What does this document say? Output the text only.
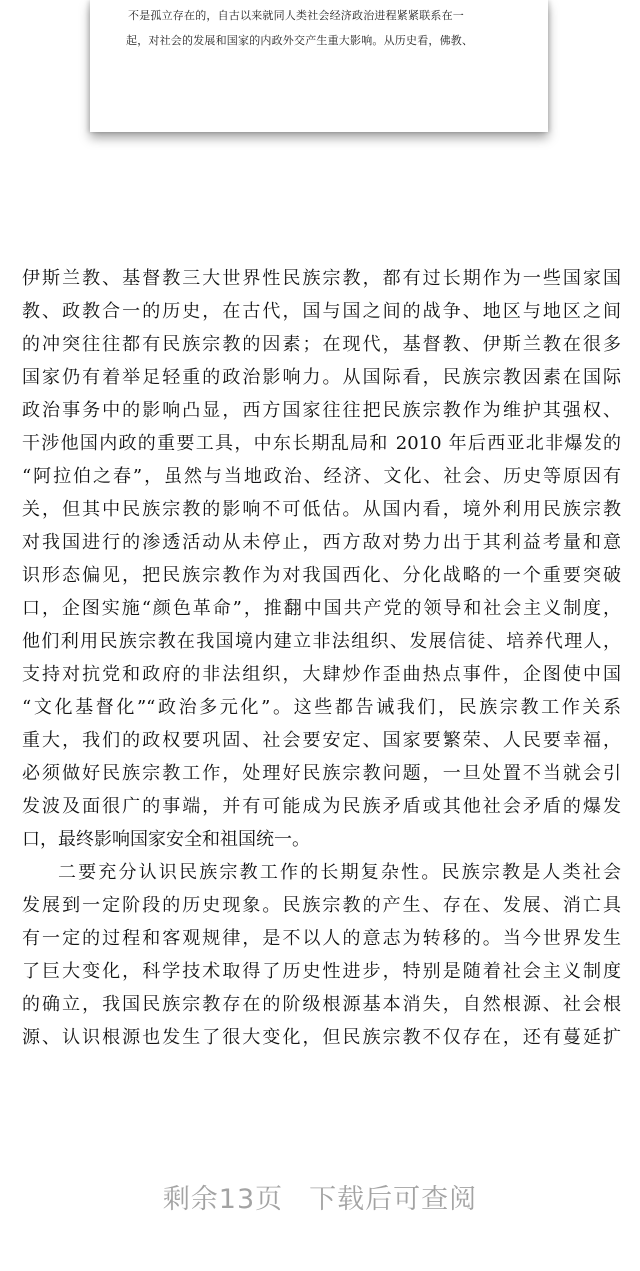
不是孤立存在的，自古以来就同人类社会经济政治进程紧紧联系在一
起，对社会的发展和国家的内政外交产生重大影响。从历史看，佛教、
伊斯兰教、基督教三大世界性民族宗教，都有过长期作为一些国家国
教、政教合一的历史，在古代，国与国之间的战争、地区与地区之间
的冲突往往都有民族宗教的因素；在现代，基督教、伊斯兰教在很多
国家仍有着举足轻重的政治影响力。从国际看，民族宗教因素在国际
政治事务中的影响凸显，西方国家往往把民族宗教作为维护其强权、
干涉他国内政的重要工具，中东长期乱局和 2010 年后西亚北非爆发的
“阿拉伯之春”，虽然与当地政治、经济、文化、社会、历史等原因有
关，但其中民族宗教的影响不可低估。从国内看，境外利用民族宗教
对我国进行的渗透活动从未停止，西方敌对势力出于其利益考量和意
识形态偏见，把民族宗教作为对我国西化、分化战略的一个重要突破
口，企图实施“颜色革命”，推翻中国共产党的领导和社会主义制度，
他们利用民族宗教在我国境内建立非法组织、发展信徒、培养代理人，
支持对抗党和政府的非法组织，大肆炒作歪曲热点事件，企图使中国
“文化基督化”“政治多元化”。这些都告诫我们，民族宗教工作关系
重大，我们的政权要巩固、社会要安定、国家要繁荣、人民要幸福，
必须做好民族宗教工作，处理好民族宗教问题，一旦处置不当就会引
发波及面很广的事端，并有可能成为民族矛盾或其他社会矛盾的爆发
口，最终影响国家安全和祖国统一。
二要充分认识民族宗教工作的长期复杂性。民族宗教是人类社会
发展到一定阶段的历史现象。民族宗教的产生、存在、发展、消亡具
有一定的过程和客观规律，是不以人的意志为转移的。当今世界发生
了巨大变化，科学技术取得了历史性进步，特别是随着社会主义制度
的确立，我国民族宗教存在的阶级根源基本消失，自然根源、社会根
源、认识根源也发生了很大变化，但民族宗教不仅存在，还有蔓延扩
剩余13页 下载后可查阅
